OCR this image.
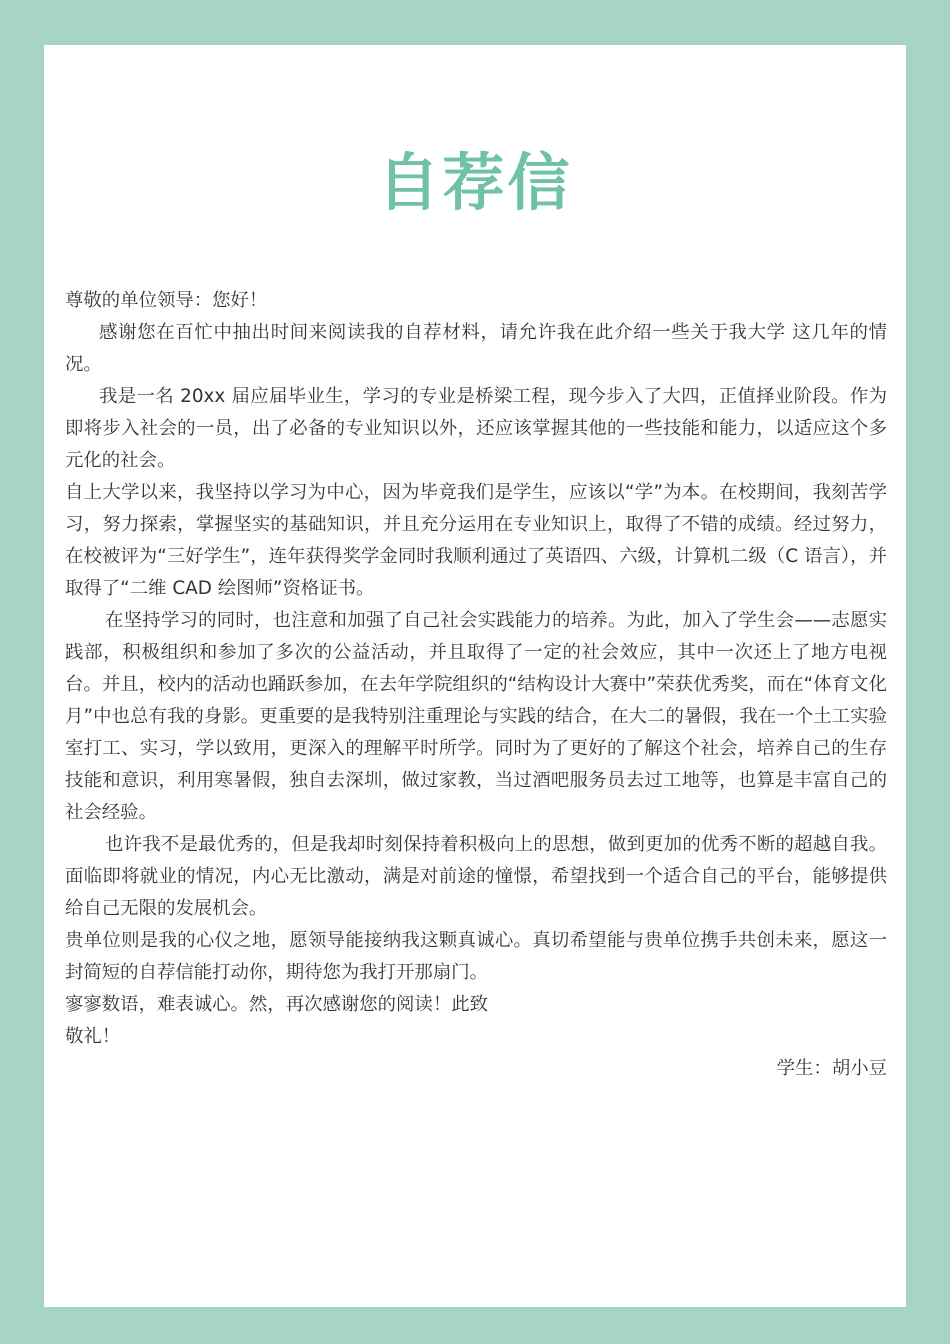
自荐信

尊敬的单位领导：您好！

感谢您在百忙中抽出时间来阅读我的自荐材料，请允许我在此介绍一些关于我大学 这几年的情况。

我是一名 20xx 届应届毕业生，学习的专业是桥梁工程，现今步入了大四，正值择业阶段。作为即将步入社会的一员，出了必备的专业知识以外，还应该掌握其他的一些技能和能力，以适应这个多元化的社会。

自上大学以来，我坚持以学习为中心，因为毕竟我们是学生，应该以“学”为本。在校期间，我刻苦学习，努力探索，掌握坚实的基础知识，并且充分运用在专业知识上，取得了不错的成绩。经过努力，在校被评为“三好学生”，连年获得奖学金同时我顺利通过了英语四、六级，计算机二级（C 语言），并取得了“二维 CAD 绘图师”资格证书。

在坚持学习的同时，也注意和加强了自己社会实践能力的培养。为此，加入了学生会——志愿实践部，积极组织和参加了多次的公益活动，并且取得了一定的社会效应，其中一次还上了地方电视台。并且，校内的活动也踊跃参加，在去年学院组织的“结构设计大赛中”荣获优秀奖，而在“体育文化月”中也总有我的身影。更重要的是我特别注重理论与实践的结合，在大二的暑假，我在一个土工实验室打工、实习，学以致用，更深入的理解平时所学。同时为了更好的了解这个社会，培养自己的生存技能和意识，利用寒暑假，独自去深圳，做过家教，当过酒吧服务员去过工地等，也算是丰富自己的社会经验。

也许我不是最优秀的，但是我却时刻保持着积极向上的思想，做到更加的优秀不断的超越自我。面临即将就业的情况，内心无比激动，满是对前途的憧憬，希望找到一个适合自己的平台，能够提供给自己无限的发展机会。

贵单位则是我的心仪之地，愿领导能接纳我这颗真诚心。真切希望能与贵单位携手共创未来，愿这一封简短的自荐信能打动你，期待您为我打开那扇门。

寥寥数语，难表诚心。然，再次感谢您的阅读！此致

敬礼！

学生：胡小豆
